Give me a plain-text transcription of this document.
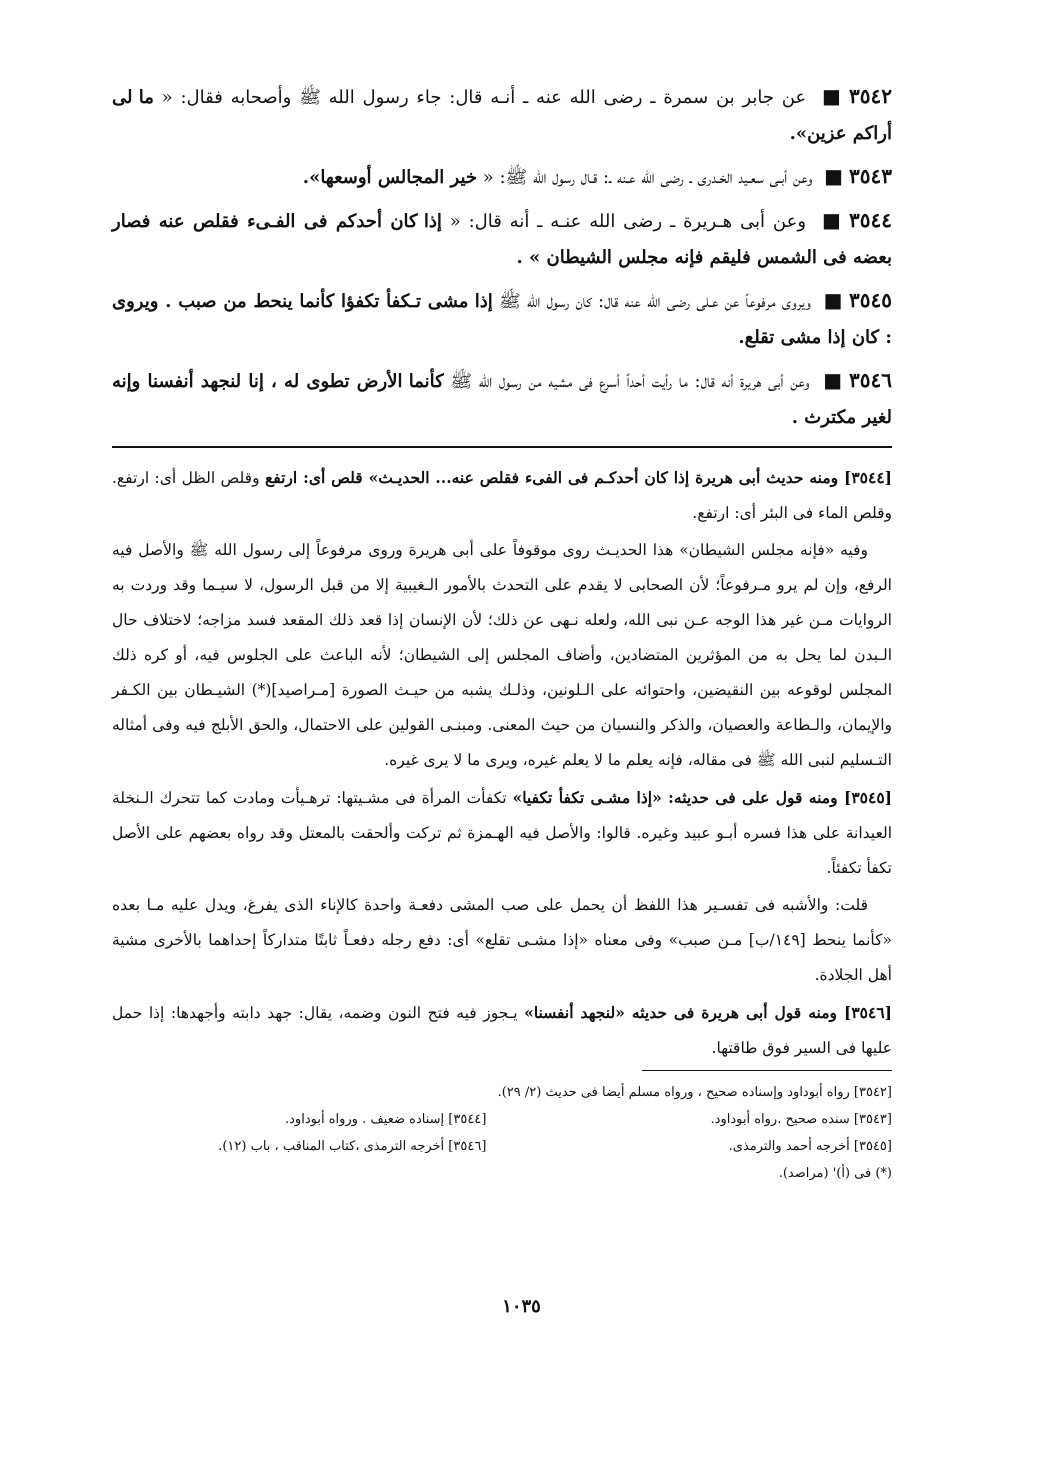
٣٥٤٢■ عن جابر بن سمرة ـ رضى الله عنه ـ أنـه قال: جاء رسول الله ﷺ وأصحابه فقال: « ما لى أراكم عزين».

٣٥٤٣■ وعن أبـى سعـيد الخـدرى ـ رضى الله عـنه ـ: قـال رسول الله ﷺ: « خير المجالس أوسعها».

٣٥٤٤■ وعن أبى هـريرة ـ رضى الله عنـه ـ أنه قال: « إذا كان أحدكم فى الفـىء فقلص عنه فصار بعضه فى الشمس فليقم فإنه مجلس الشيطان » .

٣٥٤٥■ ويروى مرفوعاً عن عـلى رضى الله عنه قال: كان رسول الله ﷺ إذا مشى تـكفأ تكفؤا كأنما ينحط من صبب . ويروى : كان إذا مشى تقلع.

٣٥٤٦■ وعن أبى هريرة أنه قال: ما رأيت أحداً أسرع فى مشيه من رسول الله ﷺ كأنما الأرض تطوى له ، إنا لنجهد أنفسنا وإنه لغير مكترث .

[٣٥٤٤] ومنه حديث أبى هريرة إذا كان أحدكـم فى الفىء فقلص عنه... الحديـث» قلص أى: ارتفع وقلص الظل أى: ارتفع. وقلص الماء فى البئر أى: ارتفع.

وفيه «فإنه مجلس الشيطان» هذا الحديـث روى موقوفاً على أبى هريرة وروى مرفوعاً إلى رسول الله ﷺ والأصل فيه الرفع، وإن لم يرو مـرفوعاً؛ لأن الصحابى لا يقدم على التحدث بالأمور الـغيبية إلا من قبل الرسول، لا سيـما وقد وردت به الروايات مـن غير هذا الوجه عـن نبى الله، ولعله نـهى عن ذلك؛ لأن الإنسان إذا قعد ذلك المقعد فسد مزاجه؛ لاختلاف حال الـبدن لما يحل به من المؤثرين المتضادين، وأضاف المجلس إلى الشيطان؛ لأنه الباعث على الجلوس فيه، أو كره ذلك المجلس لوقوعه بين النقيضين، واحتوائه على الـلونين، وذلـك يشبه من حيـث الصورة [مـراصيد](*) الشيـطان بين الكـفر والإيمان، والـطاعة والعصيان، والذكر والنسيان من حيث المعنى. ومبنـى القولين على الاحتمال، والحق الأبلج فيه وفى أمثاله التـسليم لنبى الله ﷺ فى مقاله، فإنه يعلم ما لا يعلم غيره، ويرى ما لا يرى غيره.

[٣٥٤٥] ومنه قول على فى حديثه: «إذا مشـى تكفأ تكفيا» تكفأت المرأة فى مشـيتها: ترهـيأت ومادت كما تتحرك الـنخلة العيدانة على هذا فسره أبـو عبيد وغيره. قالوا: والأصل فيه الهـمزة ثم تركت وألحقت بالمعتل وقد رواه بعضهم على الأصل تكفأ تكفئاً.

قلت: والأشبه فى تفسـير هذا اللفظ أن يحمل على صب المشى دفعـة واحدة كالإناء الذى يفرغ، ويدل عليه مـا بعده «كأنما ينحط [١٤٩/ب] مـن صبب» وفى معناه «إذا مشـى تقلع» أى: دفع رجله دفعـاً ثابتًا متداركاً إحداهما بالأخرى مشية أهل الجلادة.

[٣٥٤٦] ومنه قول أبى هريرة فى حديثه «لنجهد أنفسنا» يـجوز فيه فتح النون وضمه، يقال: جهد دابته وأجهدها: إذا حمل عليها فى السير فوق طاقتها.

[٣٥٤٢] رواه أبوداود وإسناده صحيح ، ورواه مسلم أيضا فى حديث (٢/ ٢٩).
[٣٥٤٣] سنده صحيح .رواه أبوداود.
[٣٥٤٤] إسناده ضعيف . ورواه أبوداود.
[٣٥٤٥] أخرجه أحمد والترمذى.
[٣٥٤٦] أخرجه الترمذى ،كتاب المناقب ، باب (١٢).
(*) فى (أ)' (مراصد).
١٠٣٥
